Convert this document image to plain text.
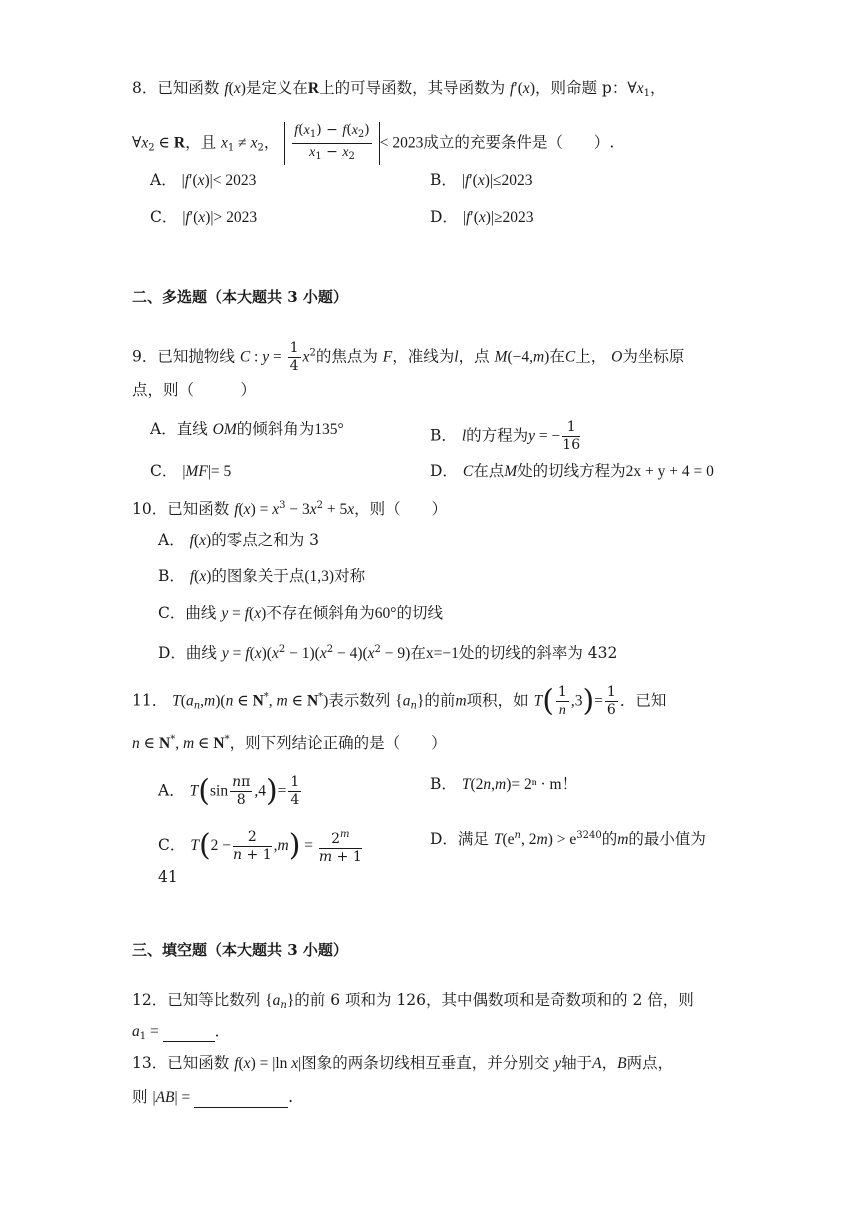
8．已知函数 f(x)是定义在R上的可导函数，其导函数为 f′(x)，则命题 p：$\forall x_1$，
$\forall x_2$ ∈ R，且 $x_1 \ne x_2$， $\frac{f(x_1) - f(x_2)}{x_1 - x_2} < 2023$成立的充要条件是（　　）.
A． |f′(x)|< 2023	B． |f′(x)|≤2023
C． |f′(x)|> 2023	D． |f′(x)|≥2023
二、多选题（本大题共 3 小题）
9．已知抛物线 C : $y = \frac{1}{4} x^2$的焦点为 F，准线为l，点 M(−4,m)在C上， O为坐标原
点，则（　　　）
A．直线 OM的倾斜角为135°	B． l的方程为y = − $\frac{1}{16}$
C． |MF|= 5	D． C在点M处的切线方程为2x + y + 4 = 0
10．已知函数 $f(x) = x^3 - 3x^2 + 5x$，则（　　）
A． f(x)的零点之和为 3
B． f(x)的图象关于点(1,3)对称
C．曲线 y = f(x)不存在倾斜角为60°的切线
D．曲线 $y = f(x)(x^2 - 1)(x^2 - 4)(x^2 - 9)$在x=−1处的切线的斜率为 432
11． $T(a_n,m)(n$ ∈ N*, m ∈ N*)表示数列 $\{a_n\}$的前m项积，如 $T( \frac{1}{n} ,3)= \frac{1}{6}$ ．已知
n ∈ N*, m ∈ N*，则下列结论正确的是（　　）
A． $T(\sin \frac{n\pi}{8} ,4)= \frac{1}{4}$	B． T(2n,m)= 2ⁿ · m！
C． $T(2 - \frac{2}{n + 1} ,m) = \frac{2^m}{m + 1}$	D．满足 $T(e^n$, $2m) > e^{3240}$的m的最小值为
41
三、填空题（本大题共 3 小题）
12．已知等比数列 $\{a_n\}$的前 6 项和为 126，其中偶数项和是奇数项和的 2 倍，则
$a_1$ =	．
13．已知函数 f(x) = |ln x|图象的两条切线相互垂直，并分别交 y轴于A，B两点，
则 |AB| =	.
